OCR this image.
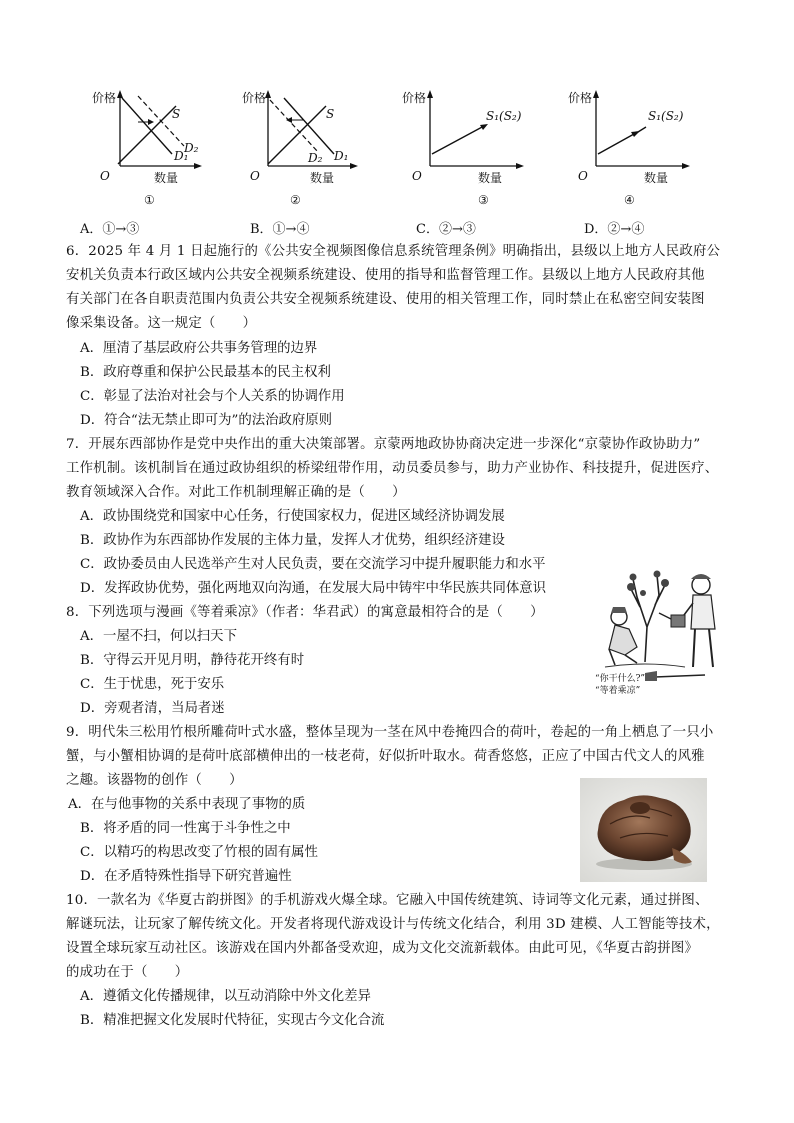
价格
O	数量
S
D₁
D₂
①
价格
O	数量
S
D₁
D₂
②
价格
O	数量
S₁(S₂)
③
价格
O	数量
S₁(S₂)
④
A．①→③	B．①→④	C．②→③	D．②→④
6．2025 年 4 月 1 日起施行的《公共安全视频图像信息系统管理条例》明确指出，县级以上地方人民政府公
安机关负责本行政区域内公共安全视频系统建设、使用的指导和监督管理工作。县级以上地方人民政府其他
有关部门在各自职责范围内负责公共安全视频系统建设、使用的相关管理工作，同时禁止在私密空间安装图
像采集设备。这一规定（　　）
A．厘清了基层政府公共事务管理的边界
B．政府尊重和保护公民最基本的民主权利
C．彰显了法治对社会与个人关系的协调作用
D．符合“法无禁止即可为”的法治政府原则
7．开展东西部协作是党中央作出的重大决策部署。京蒙两地政协协商决定进一步深化“京蒙协作政协助力”
工作机制。该机制旨在通过政协组织的桥梁纽带作用，动员委员参与，助力产业协作、科技提升，促进医疗、
教育领域深入合作。对此工作机制理解正确的是（　　）
A．政协围绕党和国家中心任务，行使国家权力，促进区域经济协调发展
B．政协作为东西部协作发展的主体力量，发挥人才优势，组织经济建设
C．政协委员由人民选举产生对人民负责，要在交流学习中提升履职能力和水平
D．发挥政协优势，强化两地双向沟通，在发展大局中铸牢中华民族共同体意识
8．下列选项与漫画《等着乘凉》（作者：华君武）的寓意最相符合的是（　　）
A．一屋不扫，何以扫天下
B．守得云开见月明，静待花开终有时
C．生于忧患，死于安乐
D．旁观者清，当局者迷
“你干什么?”
“等着乘凉”
9．明代朱三松用竹根所雕荷叶式水盛，整体呈现为一茎在风中卷掩四合的荷叶，卷起的一角上栖息了一只小
蟹，与小蟹相协调的是荷叶底部横伸出的一枝老荷，好似折叶取水。荷香悠悠，正应了中国古代文人的风雅
之趣。该器物的创作（　　）
A．在与他事物的关系中表现了事物的质
B．将矛盾的同一性寓于斗争性之中
C．以精巧的构思改变了竹根的固有属性
D．在矛盾特殊性指导下研究普遍性
10．一款名为《华夏古韵拼图》的手机游戏火爆全球。它融入中国传统建筑、诗词等文化元素，通过拼图、
解谜玩法，让玩家了解传统文化。开发者将现代游戏设计与传统文化结合，利用 3D 建模、人工智能等技术，
设置全球玩家互动社区。该游戏在国内外都备受欢迎，成为文化交流新载体。由此可见，《华夏古韵拼图》
的成功在于（　　）
A．遵循文化传播规律，以互动消除中外文化差异
B．精准把握文化发展时代特征，实现古今文化合流
